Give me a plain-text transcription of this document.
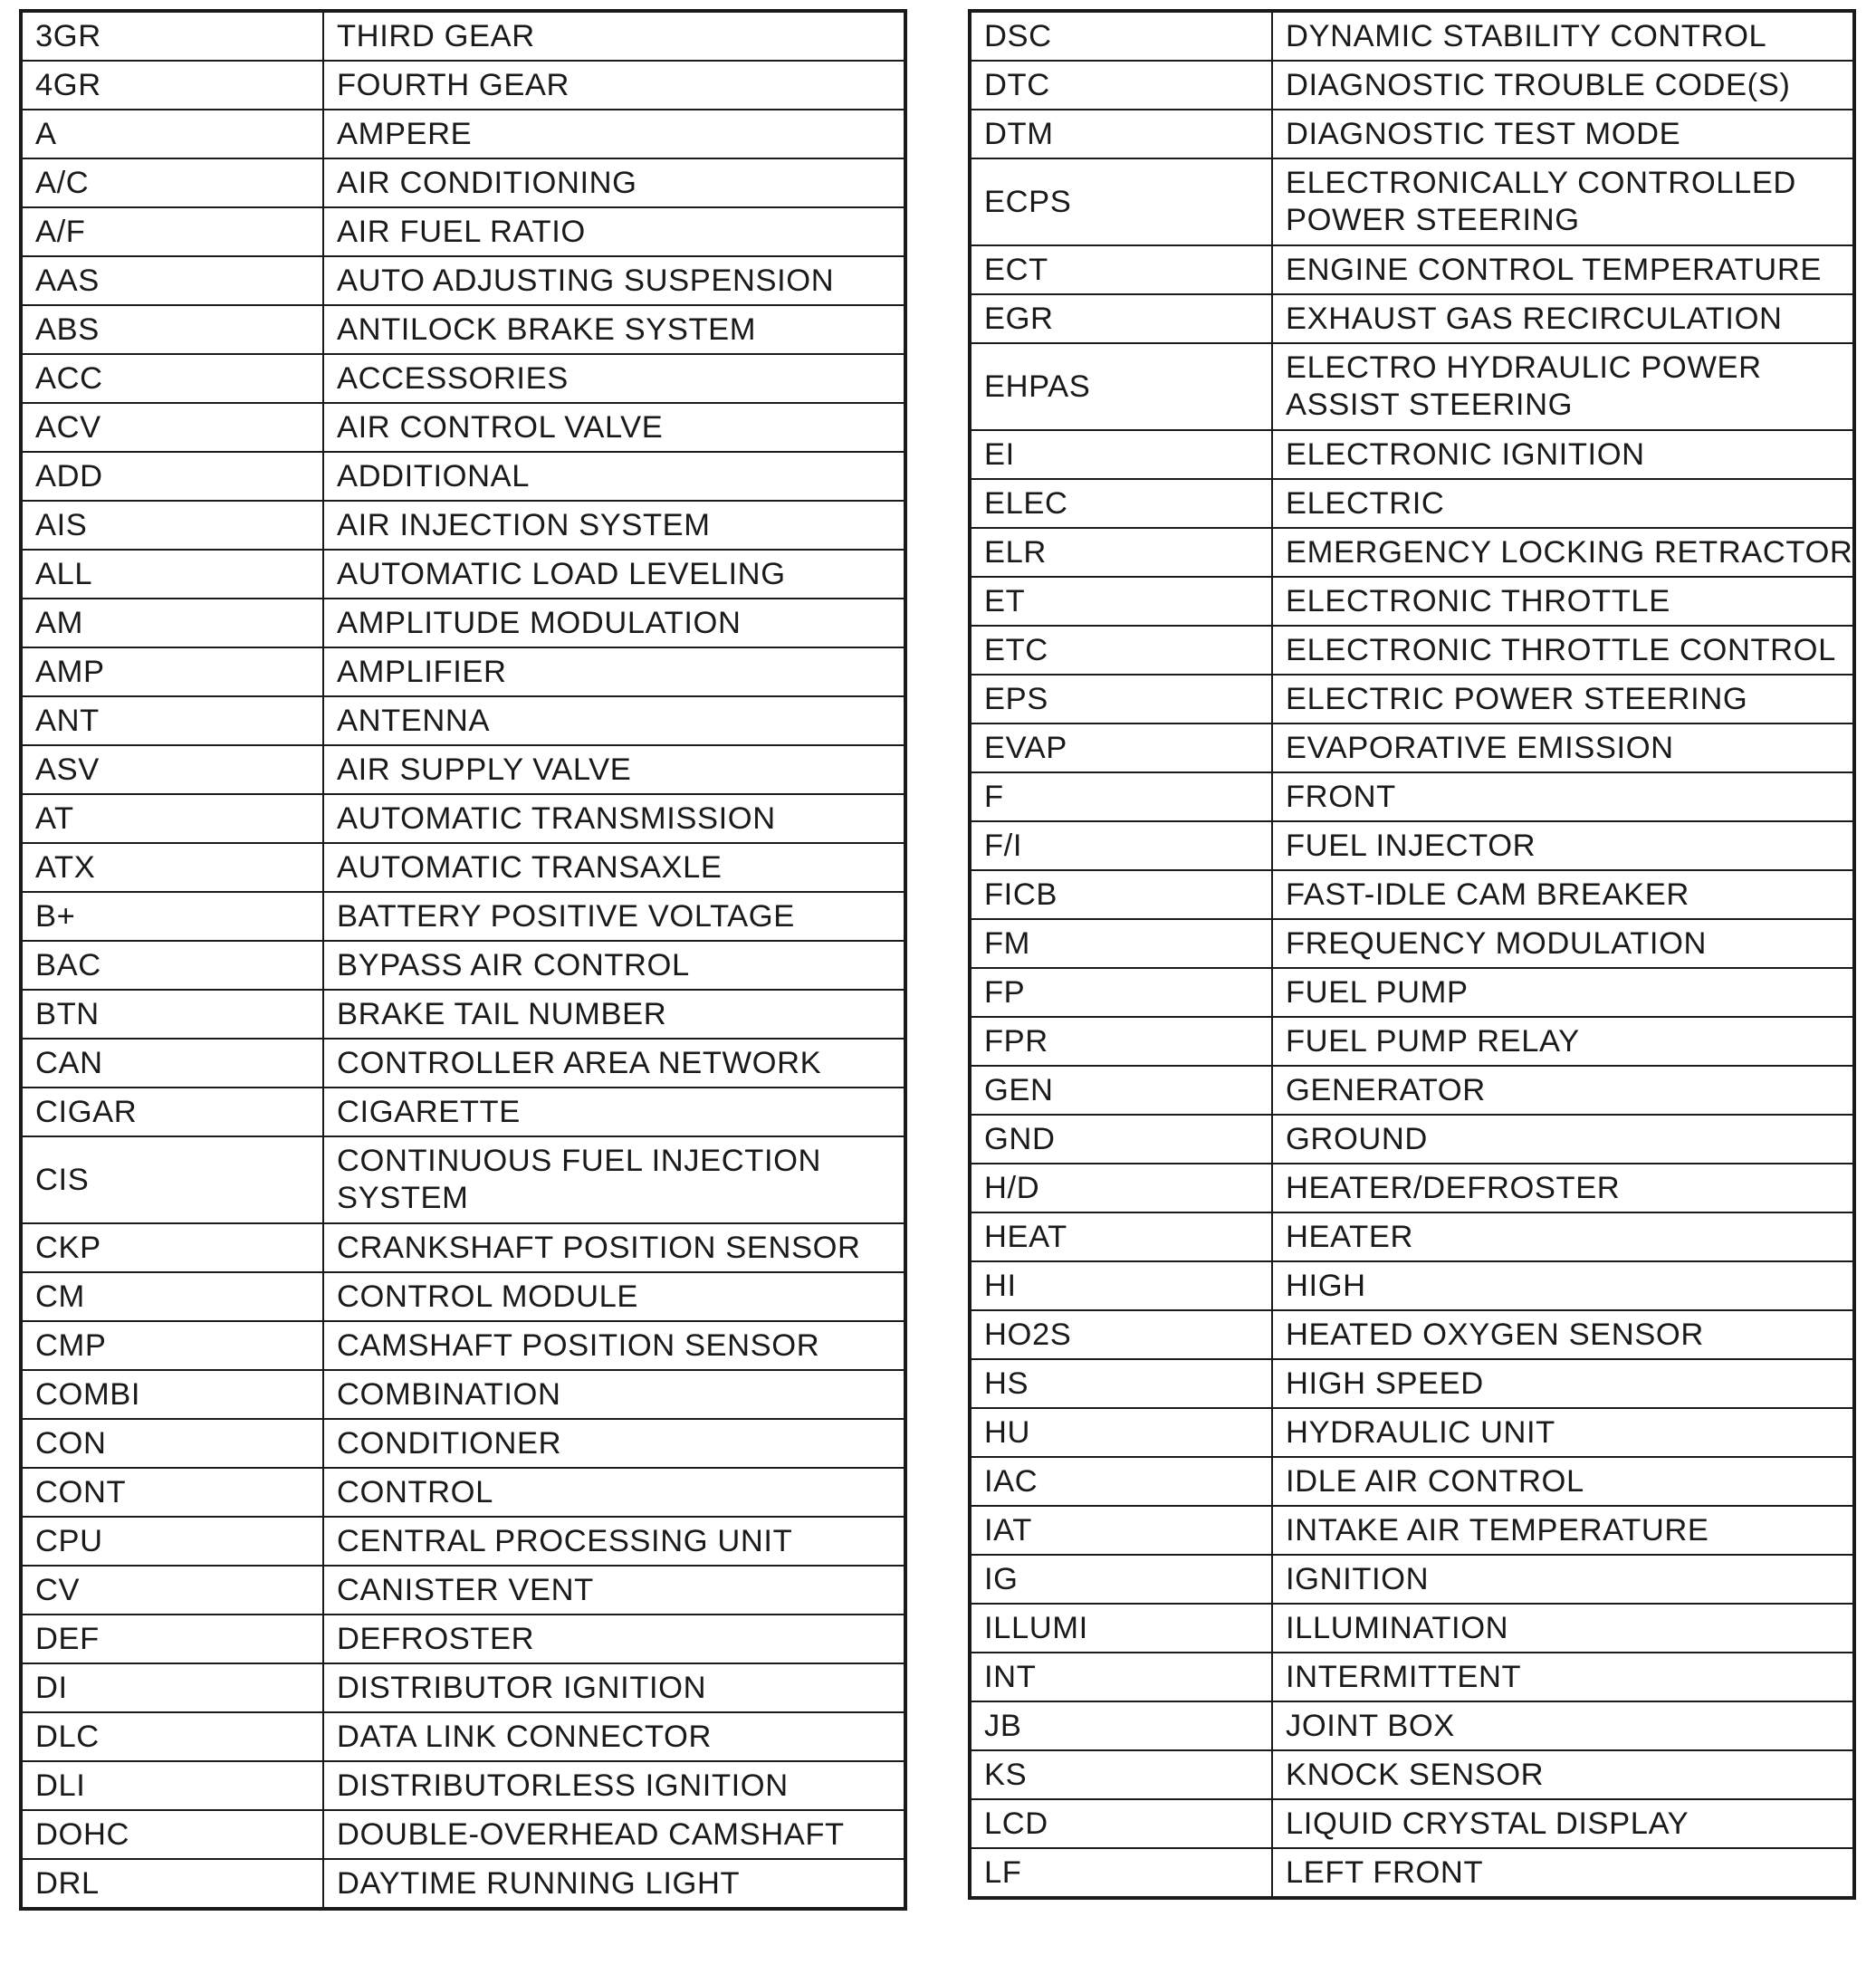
3GR	THIRD GEAR
4GR	FOURTH GEAR
A	AMPERE
A/C	AIR CONDITIONING
A/F	AIR FUEL RATIO
AAS	AUTO ADJUSTING SUSPENSION
ABS	ANTILOCK BRAKE SYSTEM
ACC	ACCESSORIES
ACV	AIR CONTROL VALVE
ADD	ADDITIONAL
AIS	AIR INJECTION SYSTEM
ALL	AUTOMATIC LOAD LEVELING
AM	AMPLITUDE MODULATION
AMP	AMPLIFIER
ANT	ANTENNA
ASV	AIR SUPPLY VALVE
AT	AUTOMATIC TRANSMISSION
ATX	AUTOMATIC TRANSAXLE
B+	BATTERY POSITIVE VOLTAGE
BAC	BYPASS AIR CONTROL
BTN	BRAKE TAIL NUMBER
CAN	CONTROLLER AREA NETWORK
CIGAR	CIGARETTE
CIS	CONTINUOUS FUEL INJECTION SYSTEM
CKP	CRANKSHAFT POSITION SENSOR
CM	CONTROL MODULE
CMP	CAMSHAFT POSITION SENSOR
COMBI	COMBINATION
CON	CONDITIONER
CONT	CONTROL
CPU	CENTRAL PROCESSING UNIT
CV	CANISTER VENT
DEF	DEFROSTER
DI	DISTRIBUTOR IGNITION
DLC	DATA LINK CONNECTOR
DLI	DISTRIBUTORLESS IGNITION
DOHC	DOUBLE-OVERHEAD CAMSHAFT
DRL	DAYTIME RUNNING LIGHT
DSC	DYNAMIC STABILITY CONTROL
DTC	DIAGNOSTIC TROUBLE CODE(S)
DTM	DIAGNOSTIC TEST MODE
ECPS	ELECTRONICALLY CONTROLLED POWER STEERING
ECT	ENGINE CONTROL TEMPERATURE
EGR	EXHAUST GAS RECIRCULATION
EHPAS	ELECTRO HYDRAULIC POWER ASSIST STEERING
EI	ELECTRONIC IGNITION
ELEC	ELECTRIC
ELR	EMERGENCY LOCKING RETRACTOR
ET	ELECTRONIC THROTTLE
ETC	ELECTRONIC THROTTLE CONTROL
EPS	ELECTRIC POWER STEERING
EVAP	EVAPORATIVE EMISSION
F	FRONT
F/I	FUEL INJECTOR
FICB	FAST-IDLE CAM BREAKER
FM	FREQUENCY MODULATION
FP	FUEL PUMP
FPR	FUEL PUMP RELAY
GEN	GENERATOR
GND	GROUND
H/D	HEATER/DEFROSTER
HEAT	HEATER
HI	HIGH
HO2S	HEATED OXYGEN SENSOR
HS	HIGH SPEED
HU	HYDRAULIC UNIT
IAC	IDLE AIR CONTROL
IAT	INTAKE AIR TEMPERATURE
IG	IGNITION
ILLUMI	ILLUMINATION
INT	INTERMITTENT
JB	JOINT BOX
KS	KNOCK SENSOR
LCD	LIQUID CRYSTAL DISPLAY
LF	LEFT FRONT
